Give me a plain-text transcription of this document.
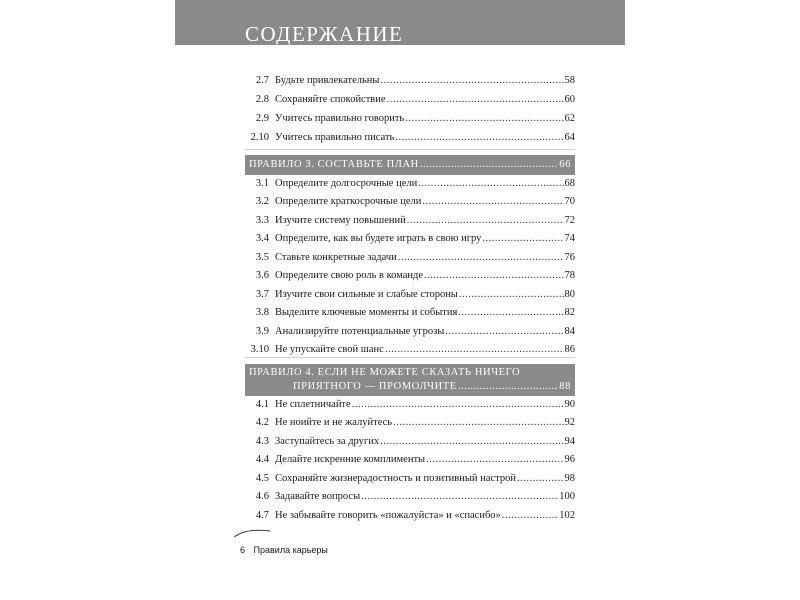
СОДЕРЖАНИЕ
2.7 Будьте привлекательны .....	58
2.8 Сохраняйте спокойствие .....	60
2.9 Учитесь правильно говорить .....	62
2.10 Учитесь правильно писать .....	64
ПРАВИЛО 3. СОСТАВЬТЕ ПЛАН .....	66
3.1 Определите долгосрочные цели .....	68
3.2 Определите краткосрочные цели .....	70
3.3 Изучите систему повышений .....	72
3.4 Определите, как вы будете играть в свою игру .....	74
3.5 Ставьте конкретные задачи .....	76
3.6 Определите свою роль в команде .....	78
3.7 Изучите свои сильные и слабые стороны .....	80
3.8 Выделите ключевые моменты и события .....	82
3.9 Анализируйте потенциальные угрозы .....	84
3.10 Не упускайте свой шанс .....	86
ПРАВИЛО 4. ЕСЛИ НЕ МОЖЕТЕ СКАЗАТЬ НИЧЕГО
ПРИЯТНОГО — ПРОМОЛЧИТЕ .....	88
4.1 Не сплетничайте .....	90
4.2 Не ноийте и не жалуйтесь .....	92
4.3 Заступайтесь за других .....	94
4.4 Делайте искренние комплименты .....	96
4.5 Сохраняйте жизнерадостность и позитивный настрой .....	98
4.6 Задавайте вопросы .....	100
4.7 Не забывайте говорить «пожалуйста» и «спасибо» .....	102
6 Правила карьеры
